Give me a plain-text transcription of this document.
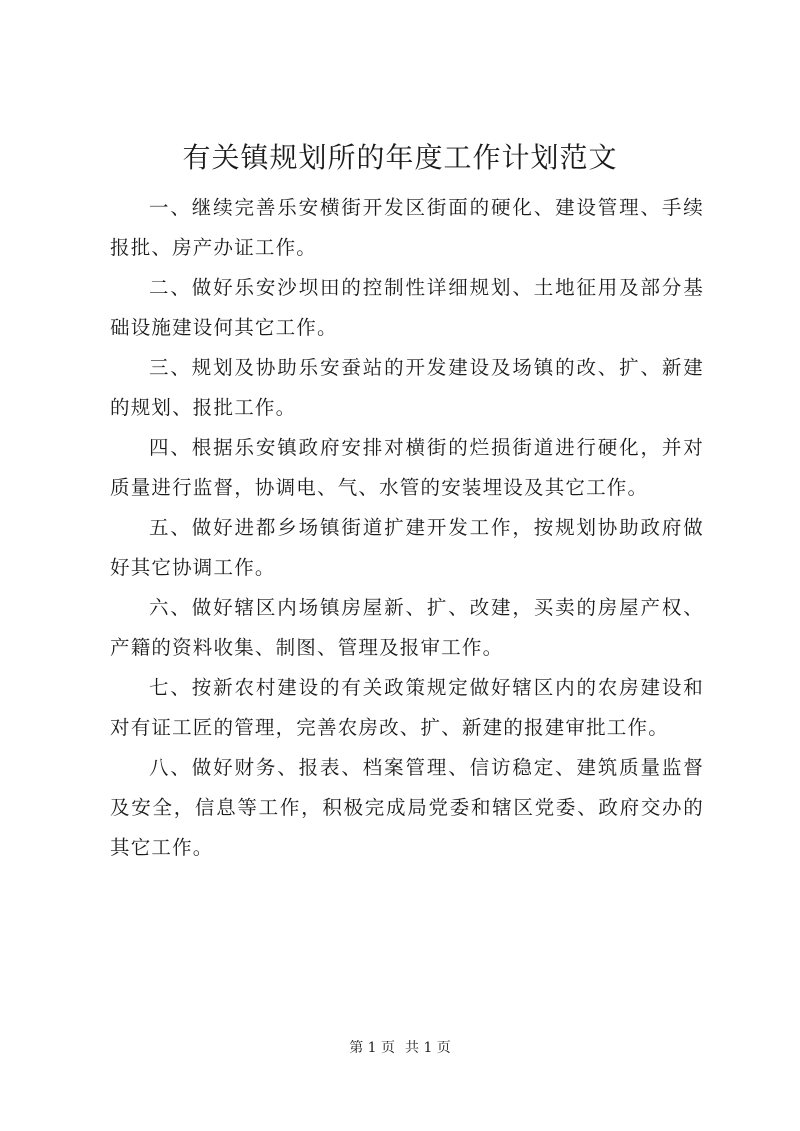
有关镇规划所的年度工作计划范文

一、继续完善乐安横街开发区街面的硬化、建设管理、手续报批、房产办证工作。

二、做好乐安沙坝田的控制性详细规划、土地征用及部分基础设施建设何其它工作。

三、规划及协助乐安蚕站的开发建设及场镇的改、扩、新建的规划、报批工作。

四、根据乐安镇政府安排对横街的烂损街道进行硬化，并对质量进行监督，协调电、气、水管的安装埋设及其它工作。

五、做好进都乡场镇街道扩建开发工作，按规划协助政府做好其它协调工作。

六、做好辖区内场镇房屋新、扩、改建，买卖的房屋产权、产籍的资料收集、制图、管理及报审工作。

七、按新农村建设的有关政策规定做好辖区内的农房建设和对有证工匠的管理，完善农房改、扩、新建的报建审批工作。

八、做好财务、报表、档案管理、信访稳定、建筑质量监督及安全，信息等工作，积极完成局党委和辖区党委、政府交办的其它工作。

第 1 页 共 1 页
